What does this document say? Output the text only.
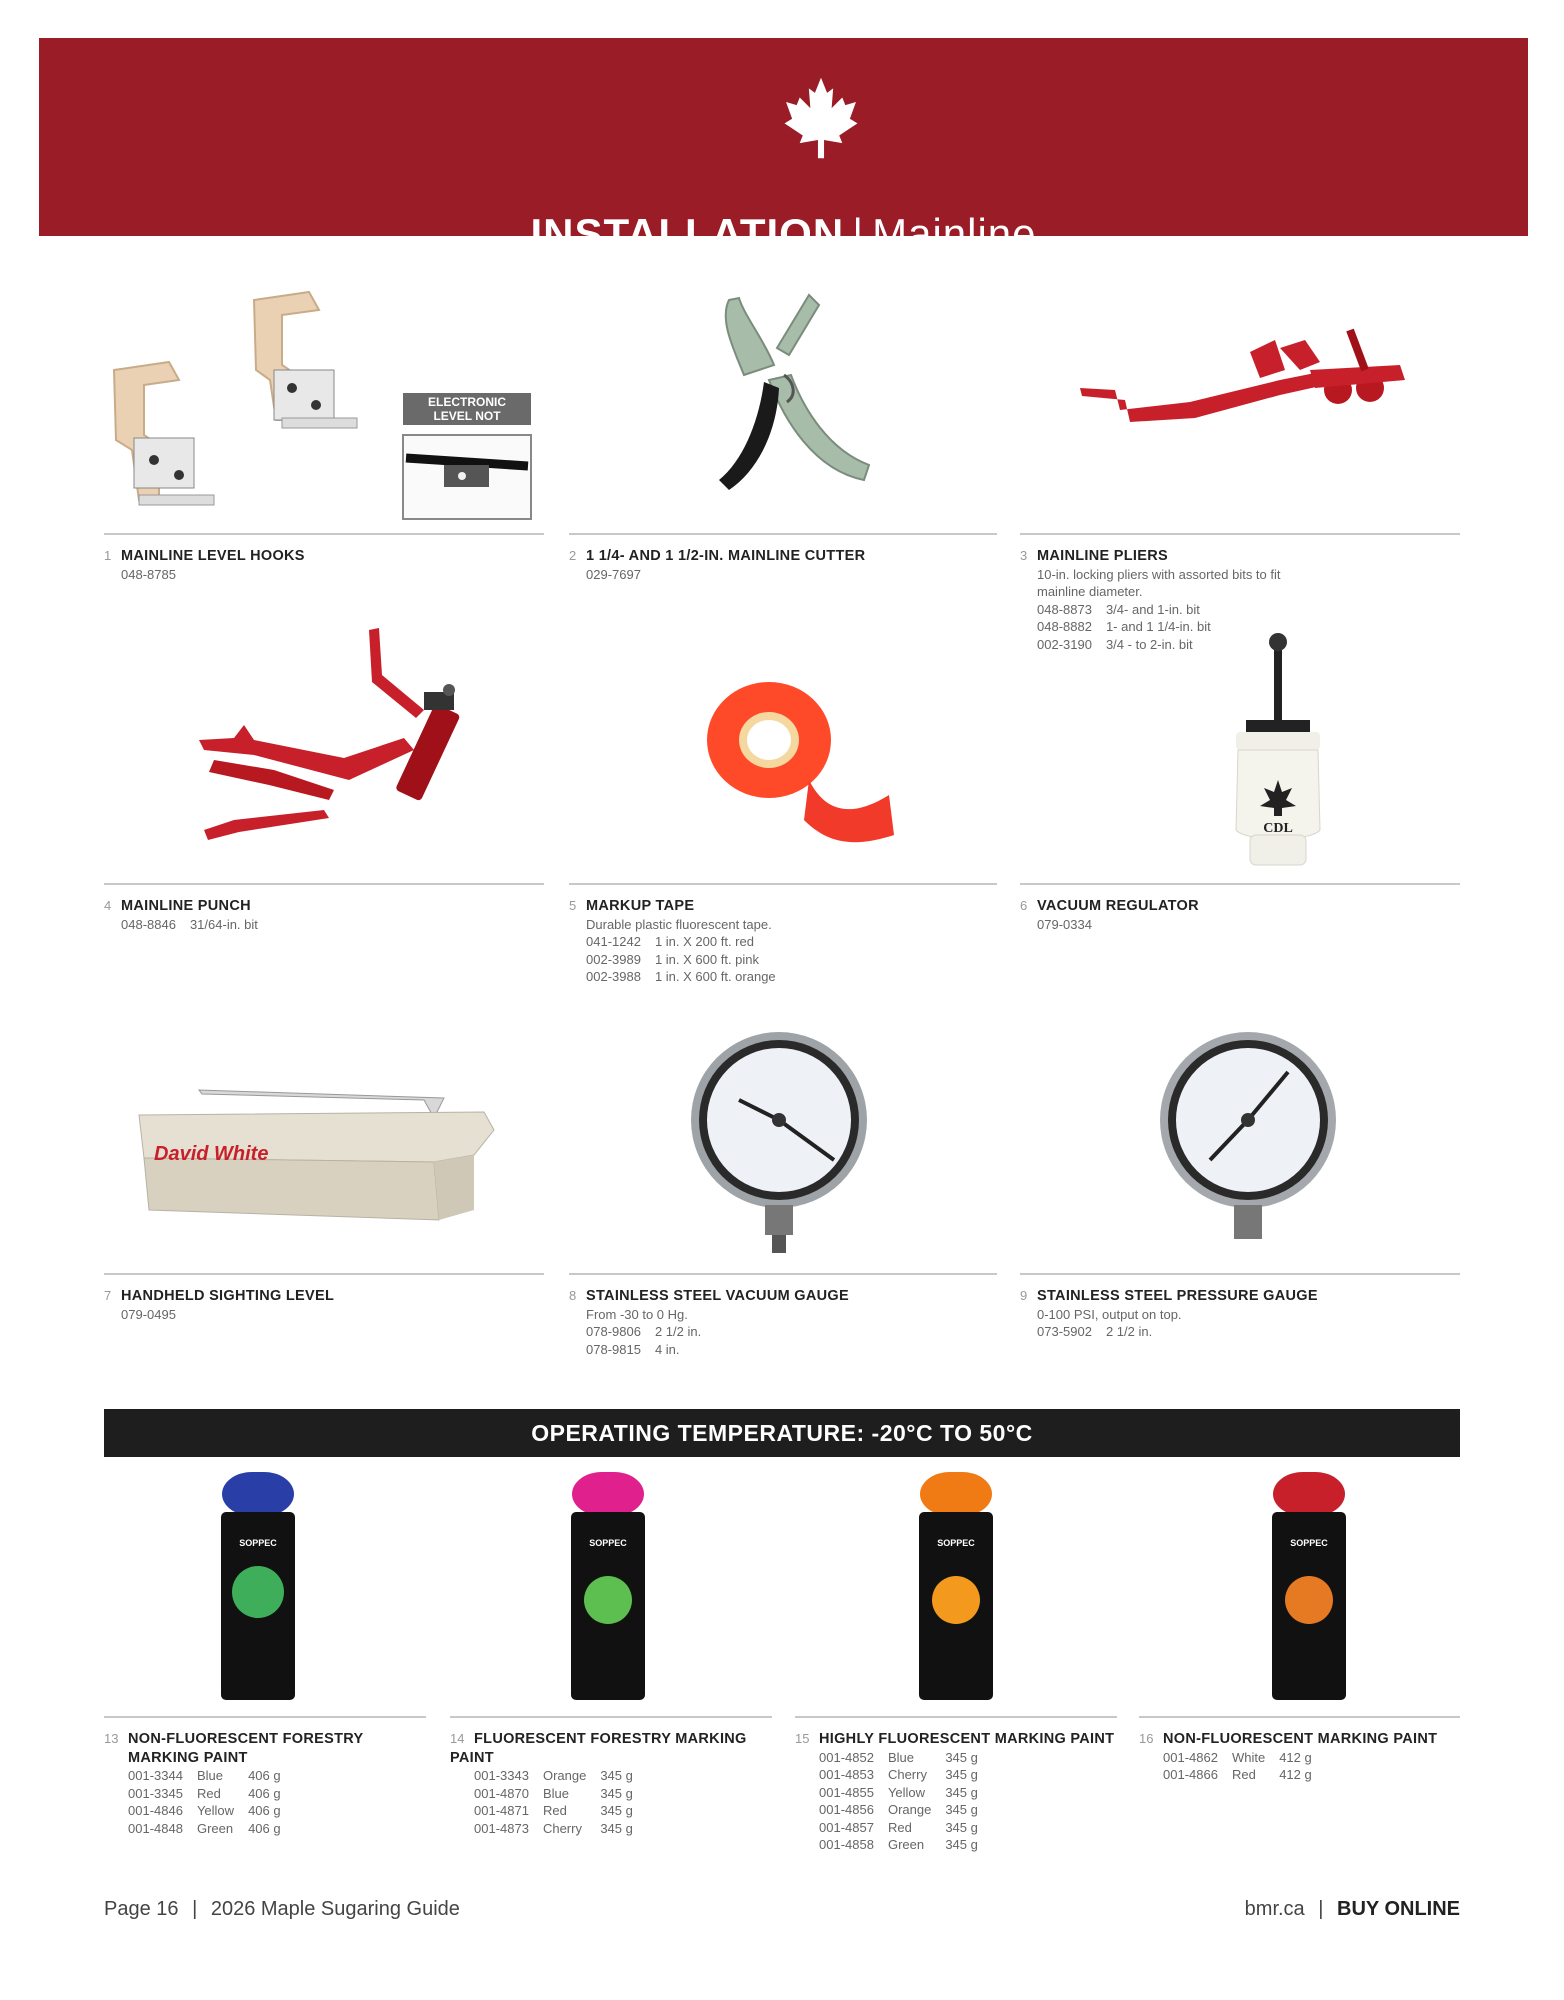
INSTALLATION | Mainline
ELECTRONIC LEVEL NOT INCLUDED
1 MAINLINE LEVEL HOOKS
048-8785
2 1 1/4- AND 1 1/2-IN. MAINLINE CUTTER
029-7697
3 MAINLINE PLIERS
10-in. locking pliers with assorted bits to fit mainline diameter.
048-8873	3/4- and 1-in. bit
048-8882	1- and 1 1/4-in. bit
002-3190	3/4 - to 2-in. bit
4 MAINLINE PUNCH
048-8846	31/64-in. bit
5 MARKUP TAPE
Durable plastic fluorescent tape.
041-1242	1 in. X 200 ft. red
002-3989	1 in. X 600 ft. pink
002-3988	1 in. X 600 ft. orange
CDL
6 VACUUM REGULATOR
079-0334
David White
7 HANDHELD SIGHTING LEVEL
079-0495
8 STAINLESS STEEL VACUUM GAUGE
From -30 to 0 Hg.
078-9806	2 1/2 in.
078-9815	4 in.
9 STAINLESS STEEL PRESSURE GAUGE
0-100 PSI, output on top.
073-5902	2 1/2 in.
OPERATING TEMPERATURE: -20°C TO 50°C
SOPPEC
13 NON-FLUORESCENT FORESTRY
MARKING PAINT
001-3344	Blue	406 g
001-3345	Red	406 g
001-4846	Yellow	406 g
001-4848	Green	406 g
SOPPEC
14 FLUORESCENT FORESTRY MARKING PAINT
001-3343	Orange	345 g
001-4870	Blue	345 g
001-4871	Red	345 g
001-4873	Cherry	345 g
SOPPEC
15 HIGHLY FLUORESCENT MARKING PAINT
001-4852	Blue	345 g
001-4853	Cherry	345 g
001-4855	Yellow	345 g
001-4856	Orange	345 g
001-4857	Red	345 g
001-4858	Green	345 g
SOPPEC
16 NON-FLUORESCENT MARKING PAINT
001-4862	White	412 g
001-4866	Red	412 g
Page 16 | 2026 Maple Sugaring Guide	bmr.ca | BUY ONLINE
